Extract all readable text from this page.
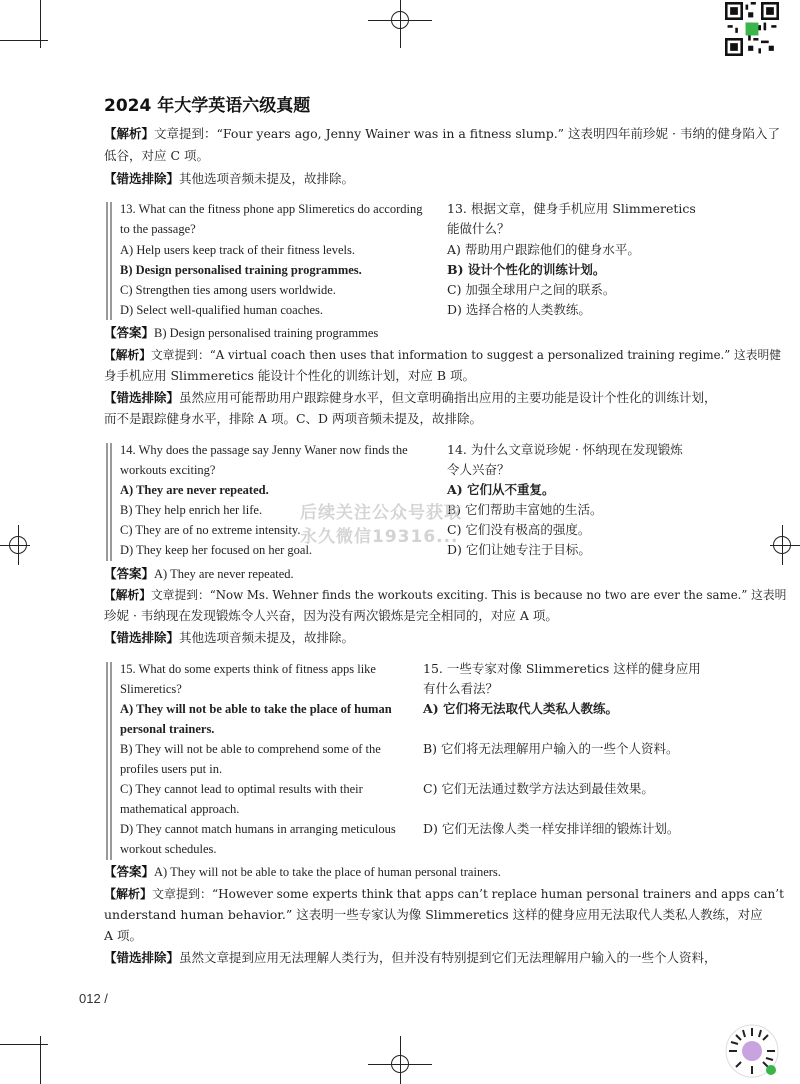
2024 年大学英语六级真题
【解析】文章提到：“Four years ago, Jenny Wainer was in a fitness slump.” 这表明四年前珍妮 · 韦纳的健身陷入了
低谷，对应 C 项。
【错选排除】其他选项音频未提及，故排除。
13. What can the fitness phone app Slimeretics do according
to the passage?
13. 根据文章，健身手机应用 Slimmeretics
能做什么？
A) Help users keep track of their fitness levels.
B) Design personalised training programmes.
C) Strengthen ties among users worldwide.
D) Select well-qualified human coaches.
A) 帮助用户跟踪他们的健身水平。
B) 设计个性化的训练计划。
C) 加强全球用户之间的联系。
D) 选择合格的人类教练。
【答案】B) Design personalised training programmes
【解析】文章提到：“A virtual coach then uses that information to suggest a personalized training regime.” 这表明健
身手机应用 Slimmeretics 能设计个性化的训练计划，对应 B 项。
【错选排除】虽然应用可能帮助用户跟踪健身水平，但文章明确指出应用的主要功能是设计个性化的训练计划，
而不是跟踪健身水平，排除 A 项。C、D 两项音频未提及，故排除。
14. Why does the passage say Jenny Waner now finds the
workouts exciting?
14. 为什么文章说珍妮 · 怀纳现在发现锻炼
令人兴奋？
A) They are never repeated.
B) They help enrich her life.
C) They are of no extreme intensity.
D) They keep her focused on her goal.
A) 它们从不重复。
B) 它们帮助丰富她的生活。
C) 它们没有极高的强度。
D) 它们让她专注于目标。
【答案】A) They are never repeated.
【解析】文章提到：“Now Ms. Wehner finds the workouts exciting. This is because no two are ever the same.” 这表明
珍妮 · 韦纳现在发现锻炼令人兴奋，因为没有两次锻炼是完全相同的，对应 A 项。
【错选排除】其他选项音频未提及，故排除。
后续关注公众号获取
永久微信19316...
15. What do some experts think of fitness apps like
Slimeretics?
15. 一些专家对像 Slimmeretics 这样的健身应用
有什么看法？
A) They will not be able to take the place of human
personal trainers.
B) They will not be able to comprehend some of the
profiles users put in.
C) They cannot lead to optimal results with their
mathematical approach.
D) They cannot match humans in arranging meticulous
workout schedules.
A) 它们将无法取代人类私人教练。
B) 它们将无法理解用户输入的一些个人资料。
C) 它们无法通过数学方法达到最佳效果。
D) 它们无法像人类一样安排详细的锻炼计划。
【答案】A) They will not be able to take the place of human personal trainers.
【解析】文章提到：“However some experts think that apps can’t replace human personal trainers and apps can’t
understand human behavior.” 这表明一些专家认为像 Slimmeretics 这样的健身应用无法取代人类私人教练，对应
A 项。
【错选排除】虽然文章提到应用无法理解人类行为，但并没有特别提到它们无法理解用户输入的一些个人资料，
012 /
